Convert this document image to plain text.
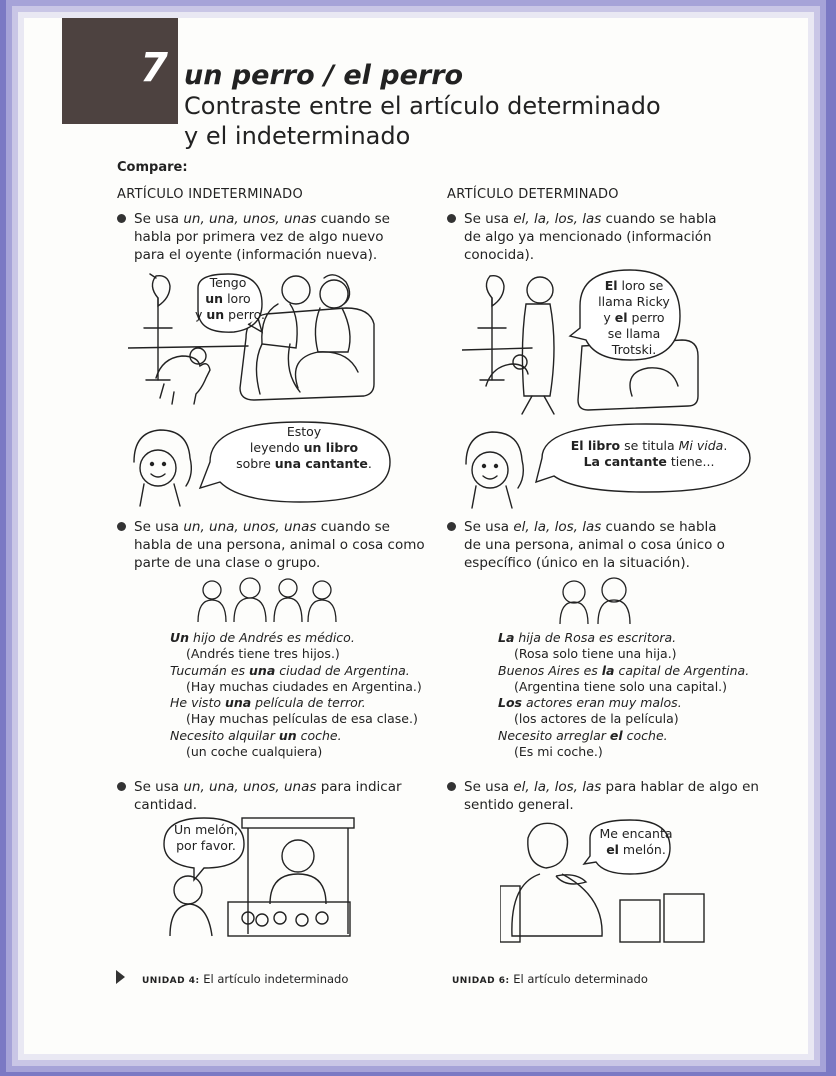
7 un perro / el perro
Contraste entre el artículo determinado
y el indeterminado
Compare:
ARTÍCULO INDETERMINADO	ARTÍCULO DETERMINADO
Se usa un, una, unos, unas cuando se
habla por primera vez de algo nuevo
para el oyente (información nueva).
Tengo
un loro
y un perro.
Estoy
leyendo un libro
sobre una cantante.
Se usa un, una, unos, unas cuando se
habla de una persona, animal o cosa como
parte de una clase o grupo.
Un hijo de Andrés es médico.
(Andrés tiene tres hijos.)
Tucumán es una ciudad de Argentina.
(Hay muchas ciudades en Argentina.)
He visto una película de terror.
(Hay muchas películas de esa clase.)
Necesito alquilar un coche.
(un coche cualquiera)
Se usa un, una, unos, unas para indicar
cantidad.
Un melón,
por favor.
Se usa el, la, los, las cuando se habla
de algo ya mencionado (información
conocida).
El loro se
llama Ricky
y el perro
se llama
Trotski.
El libro se titula Mi vida.
La cantante tiene...
Se usa el, la, los, las cuando se habla
de una persona, animal o cosa único o
específico (único en la situación).
La hija de Rosa es escritora.
(Rosa solo tiene una hija.)
Buenos Aires es la capital de Argentina.
(Argentina tiene solo una capital.)
Los actores eran muy malos.
(los actores de la película)
Necesito arreglar el coche.
(Es mi coche.)
Se usa el, la, los, las para hablar de algo en
sentido general.
Me encanta
el melón.
UNIDAD 4: El artículo indeterminado	UNIDAD 6: El artículo determinado
